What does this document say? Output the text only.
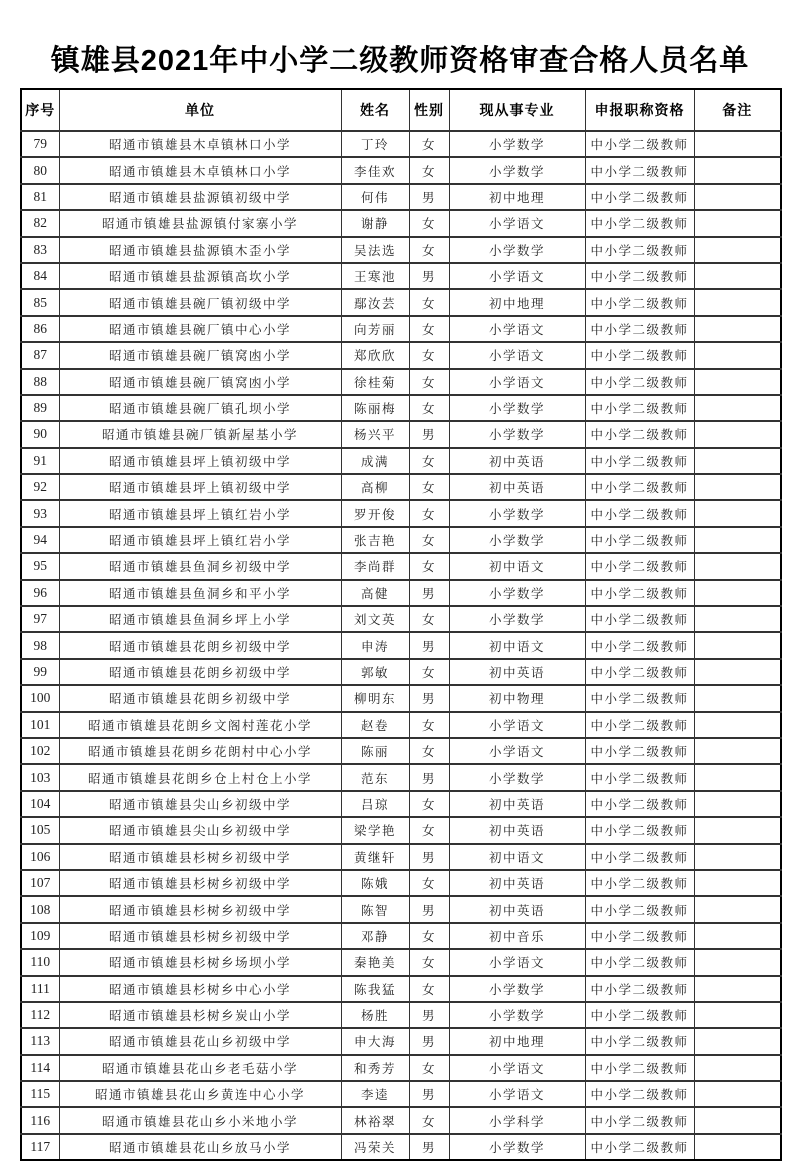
镇雄县2021年中小学二级教师资格审查合格人员名单
序号	单位	姓名	性别	现从事专业	申报职称资格	备注
79	昭通市镇雄县木卓镇林口小学	丁玲	女	小学数学	中小学二级教师	
80	昭通市镇雄县木卓镇林口小学	李佳欢	女	小学数学	中小学二级教师	
81	昭通市镇雄县盐源镇初级中学	何伟	男	初中地理	中小学二级教师	
82	昭通市镇雄县盐源镇付家寨小学	谢静	女	小学语文	中小学二级教师	
83	昭通市镇雄县盐源镇木歪小学	吴法选	女	小学数学	中小学二级教师	
84	昭通市镇雄县盐源镇高坎小学	王寒池	男	小学语文	中小学二级教师	
85	昭通市镇雄县碗厂镇初级中学	鄢汝芸	女	初中地理	中小学二级教师	
86	昭通市镇雄县碗厂镇中心小学	向芳丽	女	小学语文	中小学二级教师	
87	昭通市镇雄县碗厂镇窝凼小学	郑欣欣	女	小学语文	中小学二级教师	
88	昭通市镇雄县碗厂镇窝凼小学	徐桂菊	女	小学语文	中小学二级教师	
89	昭通市镇雄县碗厂镇孔坝小学	陈丽梅	女	小学数学	中小学二级教师	
90	昭通市镇雄县碗厂镇新屋基小学	杨兴平	男	小学数学	中小学二级教师	
91	昭通市镇雄县坪上镇初级中学	成满	女	初中英语	中小学二级教师	
92	昭通市镇雄县坪上镇初级中学	高柳	女	初中英语	中小学二级教师	
93	昭通市镇雄县坪上镇红岩小学	罗开俊	女	小学数学	中小学二级教师	
94	昭通市镇雄县坪上镇红岩小学	张吉艳	女	小学数学	中小学二级教师	
95	昭通市镇雄县鱼洞乡初级中学	李尚群	女	初中语文	中小学二级教师	
96	昭通市镇雄县鱼洞乡和平小学	高健	男	小学数学	中小学二级教师	
97	昭通市镇雄县鱼洞乡坪上小学	刘文英	女	小学数学	中小学二级教师	
98	昭通市镇雄县花朗乡初级中学	申涛	男	初中语文	中小学二级教师	
99	昭通市镇雄县花朗乡初级中学	郭敏	女	初中英语	中小学二级教师	
100	昭通市镇雄县花朗乡初级中学	柳明东	男	初中物理	中小学二级教师	
101	昭通市镇雄县花朗乡文阁村莲花小学	赵卷	女	小学语文	中小学二级教师	
102	昭通市镇雄县花朗乡花朗村中心小学	陈丽	女	小学语文	中小学二级教师	
103	昭通市镇雄县花朗乡仓上村仓上小学	范东	男	小学数学	中小学二级教师	
104	昭通市镇雄县尖山乡初级中学	吕琼	女	初中英语	中小学二级教师	
105	昭通市镇雄县尖山乡初级中学	梁学艳	女	初中英语	中小学二级教师	
106	昭通市镇雄县杉树乡初级中学	黄继轩	男	初中语文	中小学二级教师	
107	昭通市镇雄县杉树乡初级中学	陈娥	女	初中英语	中小学二级教师	
108	昭通市镇雄县杉树乡初级中学	陈智	男	初中英语	中小学二级教师	
109	昭通市镇雄县杉树乡初级中学	邓静	女	初中音乐	中小学二级教师	
110	昭通市镇雄县杉树乡场坝小学	秦艳美	女	小学语文	中小学二级教师	
111	昭通市镇雄县杉树乡中心小学	陈我猛	女	小学数学	中小学二级教师	
112	昭通市镇雄县杉树乡炭山小学	杨胜	男	小学数学	中小学二级教师	
113	昭通市镇雄县花山乡初级中学	申大海	男	初中地理	中小学二级教师	
114	昭通市镇雄县花山乡老毛菇小学	和秀芳	女	小学语文	中小学二级教师	
115	昭通市镇雄县花山乡黄连中心小学	李逵	男	小学语文	中小学二级教师	
116	昭通市镇雄县花山乡小米地小学	林裕翠	女	小学科学	中小学二级教师	
117	昭通市镇雄县花山乡放马小学	冯荣关	男	小学数学	中小学二级教师	
